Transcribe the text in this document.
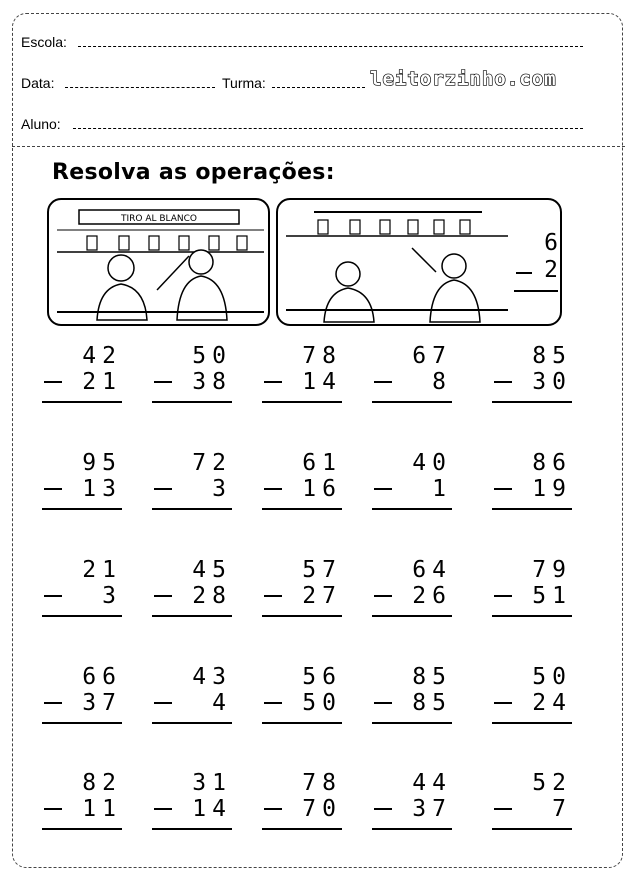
Escola:
Data:	Turma:	leitorzinho.com
Aluno:
Resolva as operações:
TIRO AL BLANCO
6
2
42
21
50
38
78
14
67
8
85
30
95
13
72
3
61
16
40
1
86
19
21
3
45
28
57
27
64
26
79
51
66
37
43
4
56
50
85
85
50
24
82
11
31
14
78
70
44
37
52
7
